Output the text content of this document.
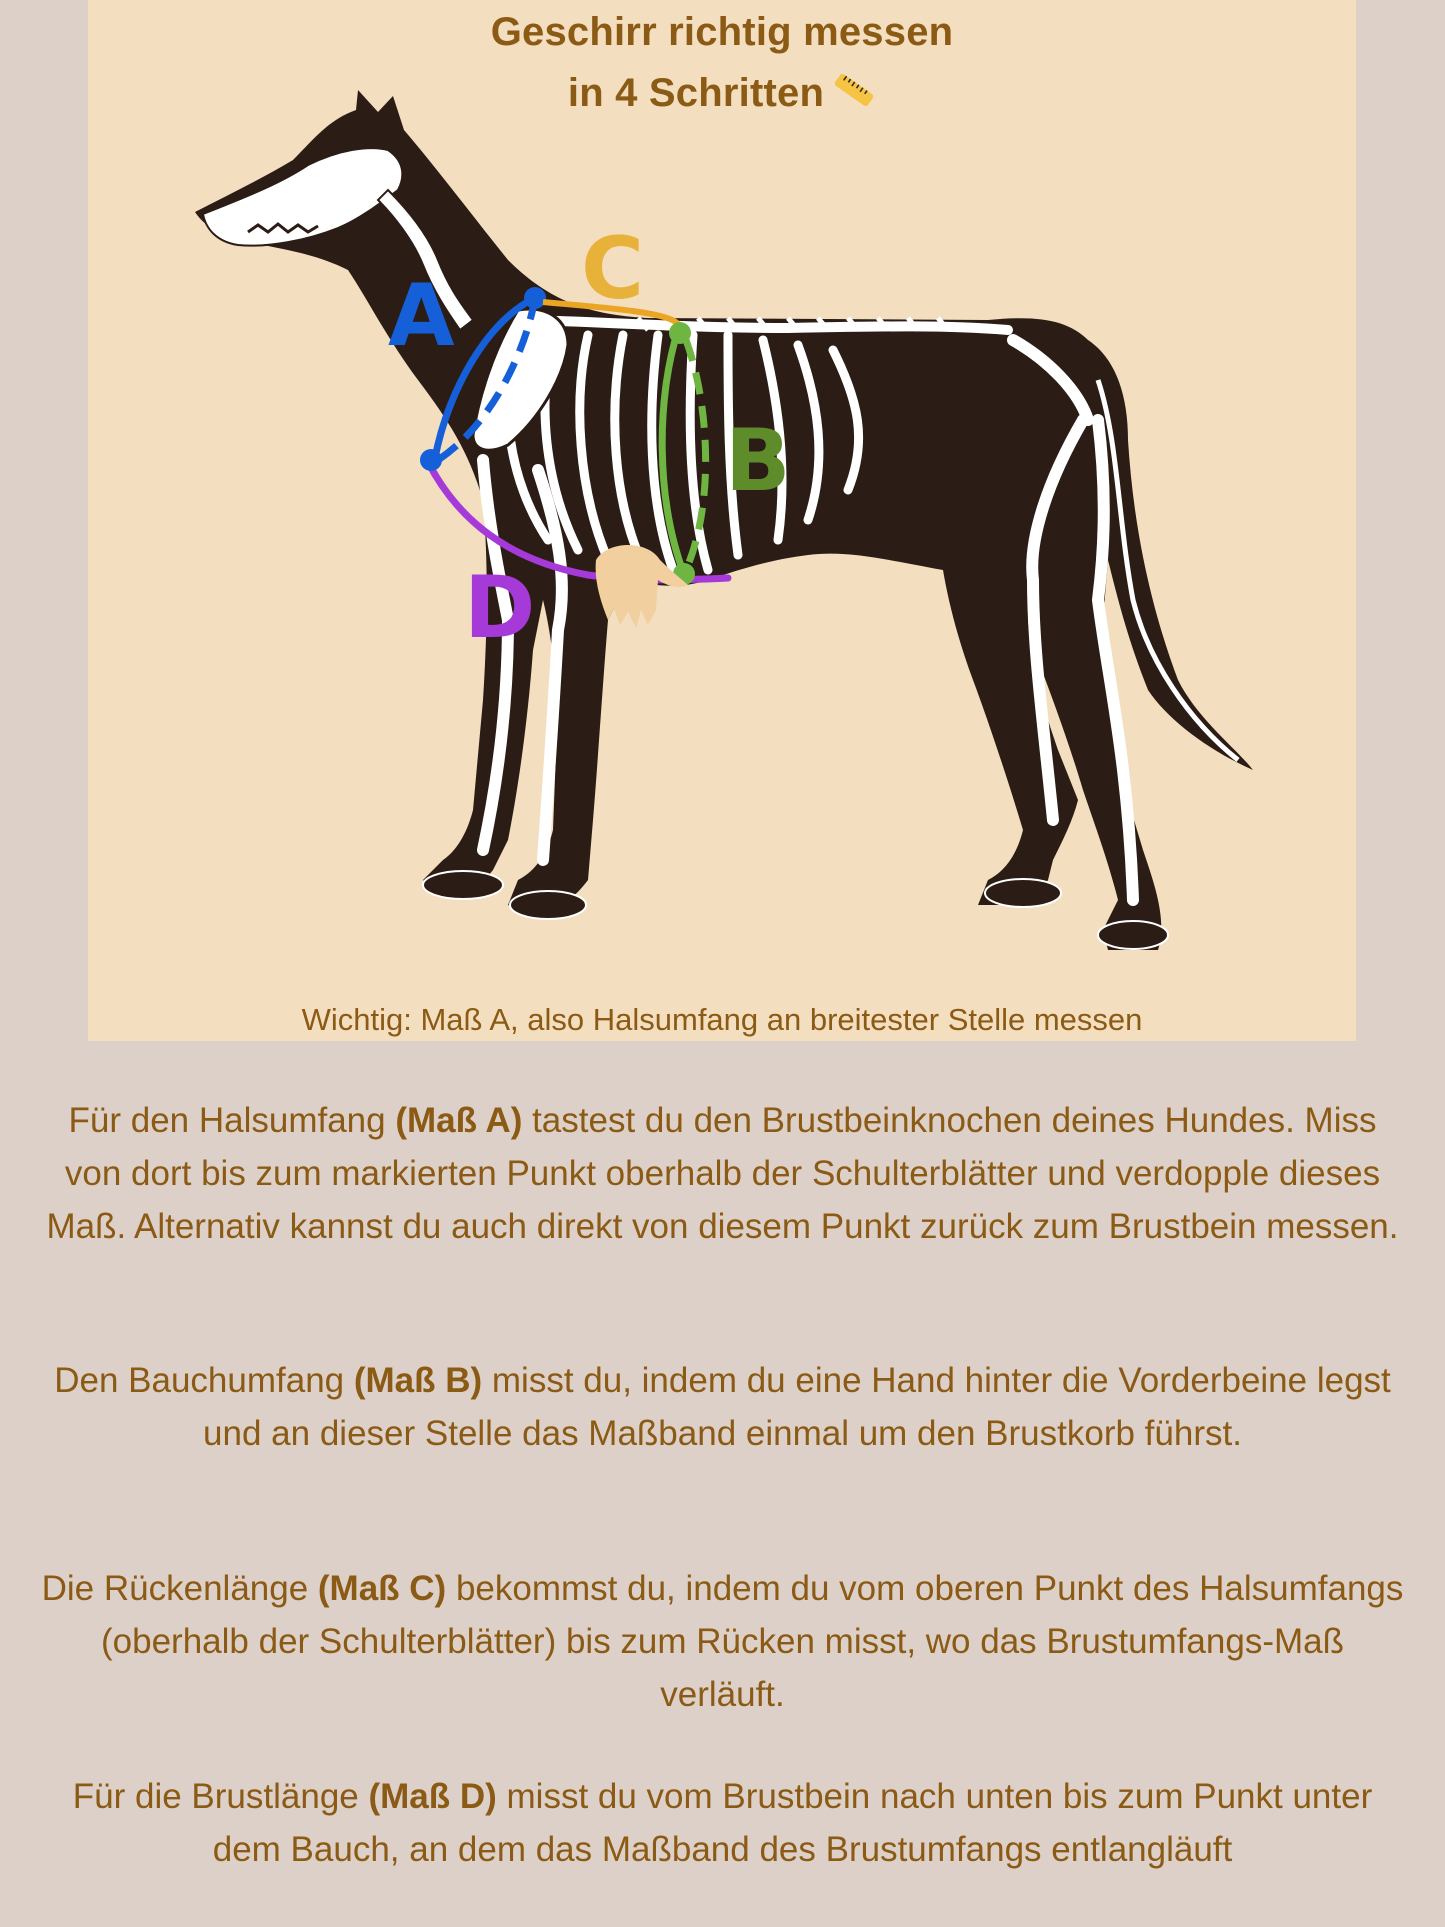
A C
B
D
Geschirr richtig messen
in 4 Schritten
Wichtig: Maß A, also Halsumfang an breitester Stelle messen
Für den Halsumfang (Maß A) tastest du den Brustbeinknochen deines Hundes. Miss von dort bis zum markierten Punkt oberhalb der Schulterblätter und verdopple dieses Maß. Alternativ kannst du auch direkt von diesem Punkt zurück zum Brustbein messen.
Den Bauchumfang (Maß B) misst du, indem du eine Hand hinter die Vorderbeine legst und an dieser Stelle das Maßband einmal um den Brustkorb führst.
Die Rückenlänge (Maß C) bekommst du, indem du vom oberen Punkt des Halsumfangs (oberhalb der Schulterblätter) bis zum Rücken misst, wo das Brustumfangs-Maß verläuft.
Für die Brustlänge (Maß D) misst du vom Brustbein nach unten bis zum Punkt unter dem Bauch, an dem das Maßband des Brustumfangs entlangläuft
